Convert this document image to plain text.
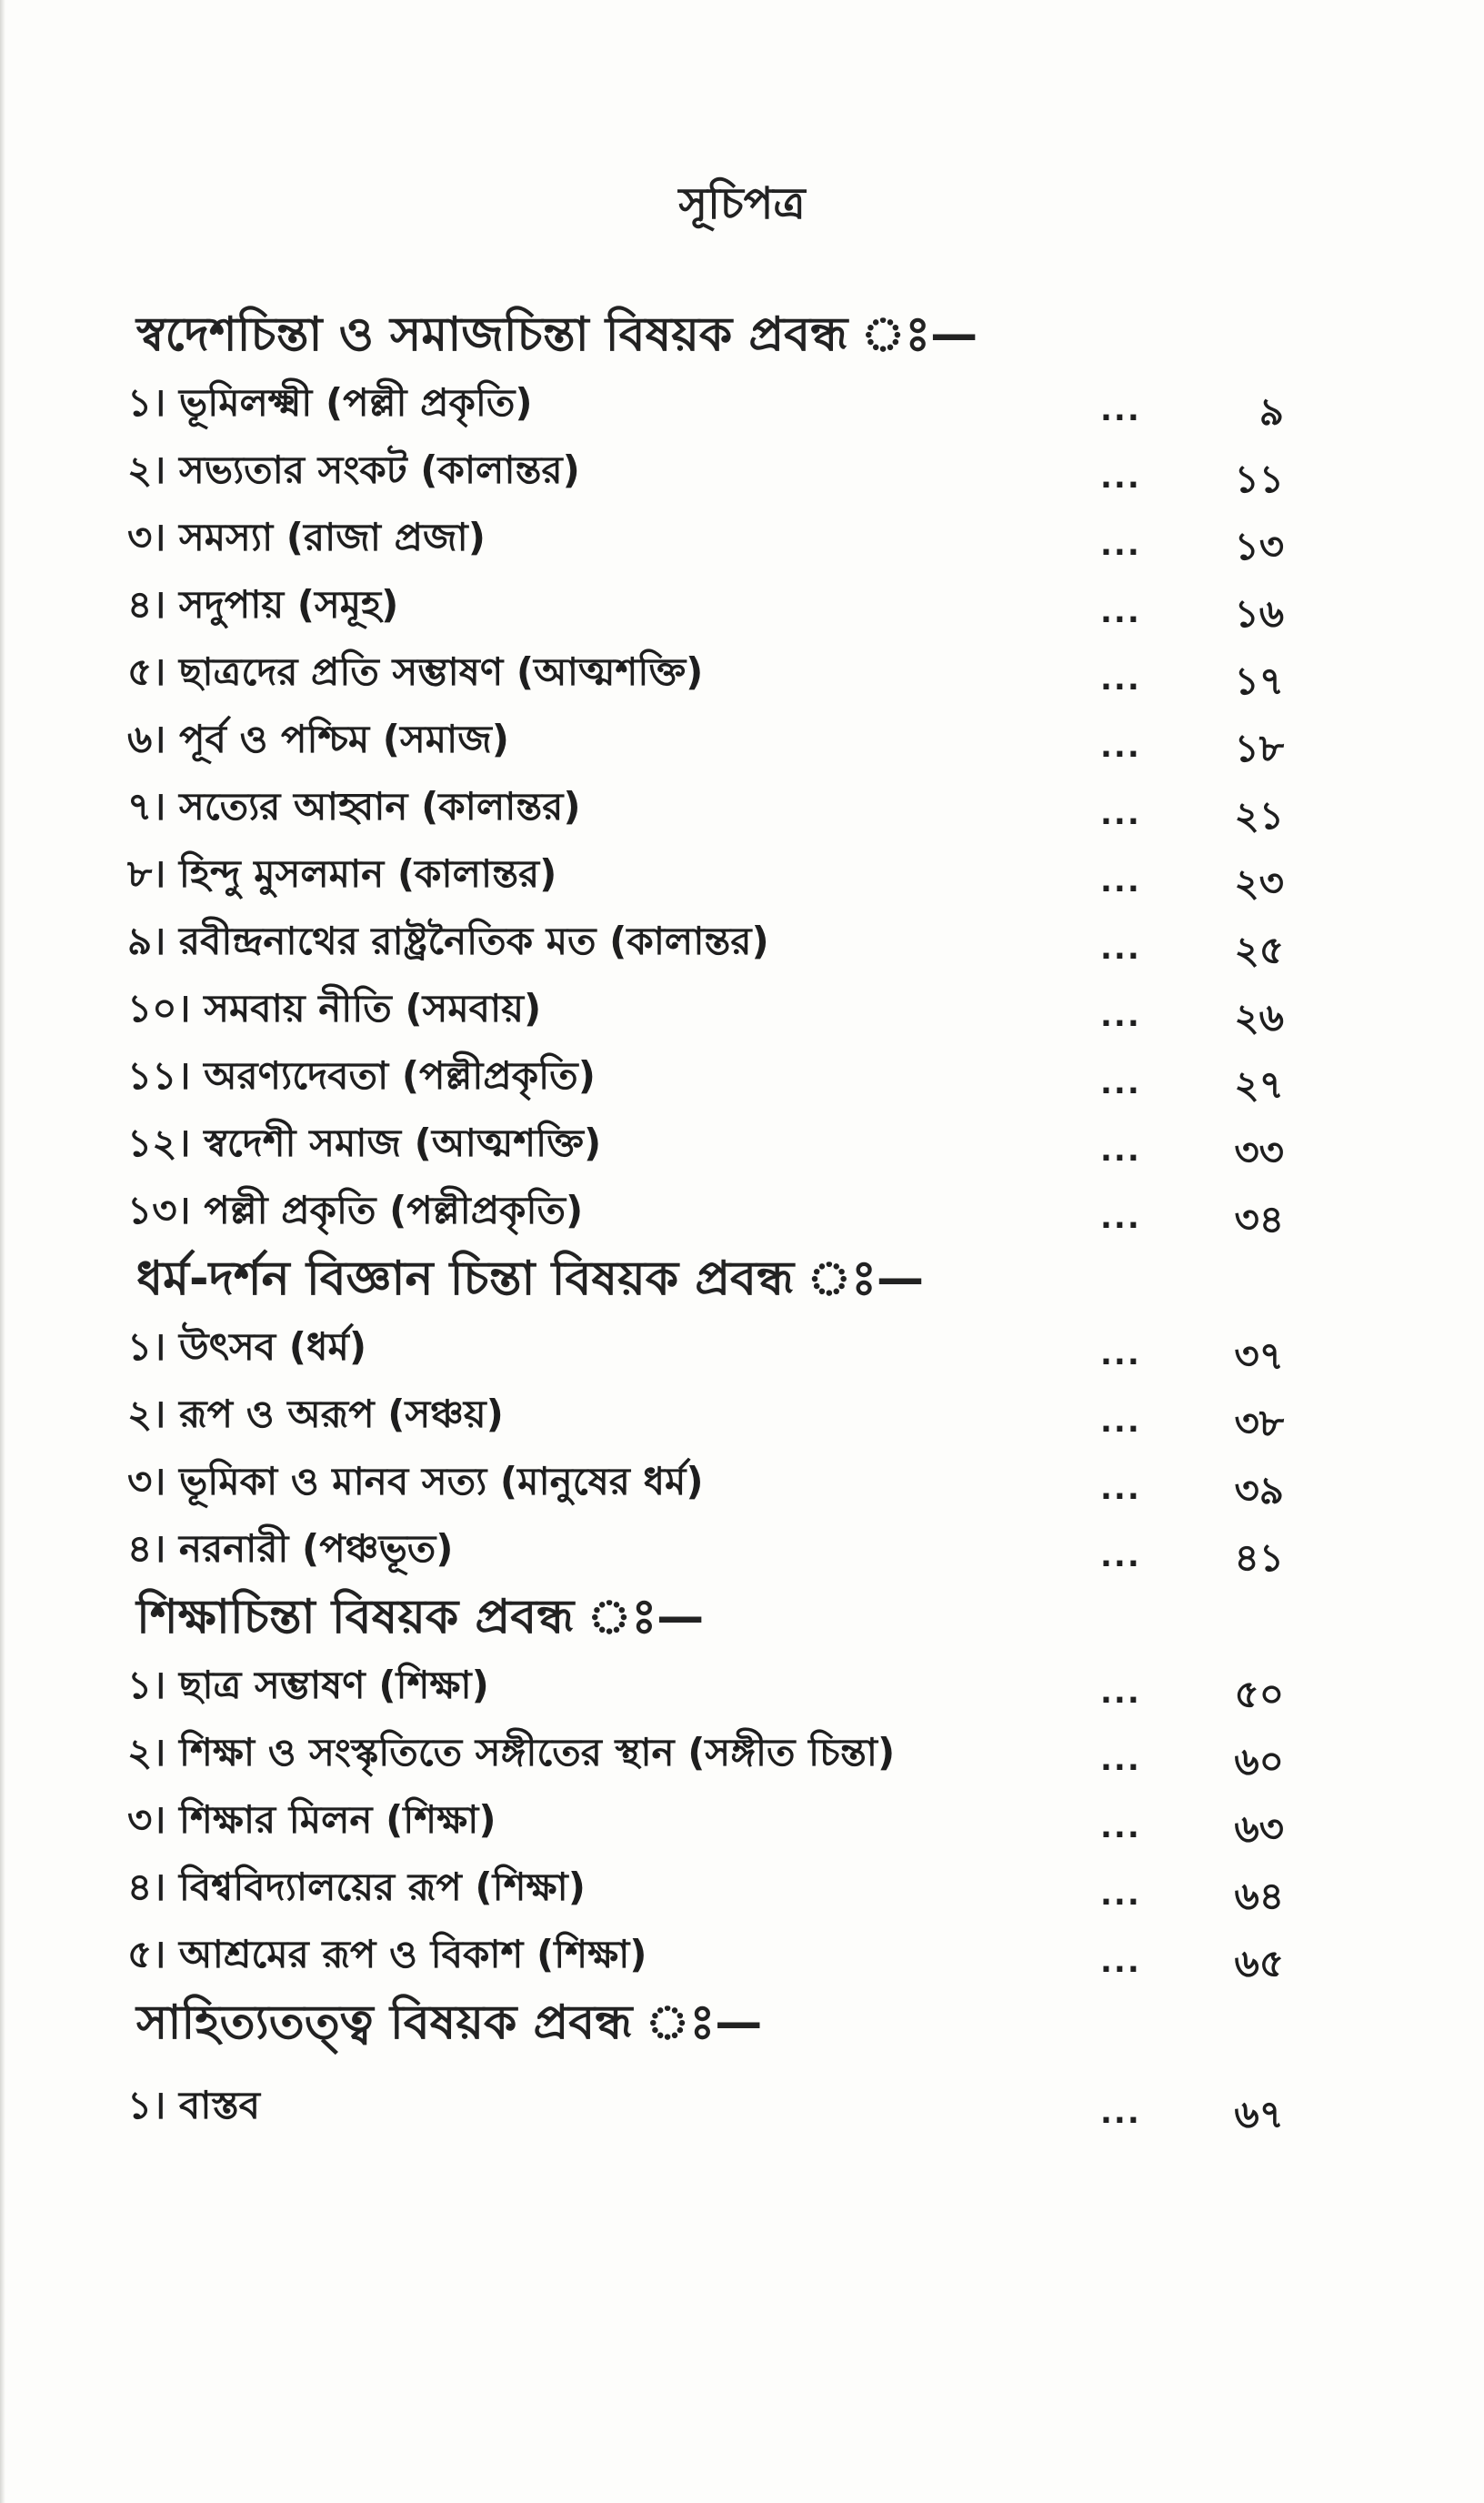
সূচিপত্র
স্বদেশচিন্তা ও সমাজচিন্তা বিষয়ক প্রবন্ধ ঃ—
১। ভূমিলক্ষ্মী (পল্লী প্রকৃতি)	...	৯
২। সভ্যতার সংকট (কালান্তর)	... ১১
৩। সমস্যা (রাজা প্রজা)	... ১৩
৪। সদুপায় (সমূহ)	... ১৬
৫। ছাত্রদের প্রতি সম্ভাষণ (আত্মশক্তি)	... ১৭
৬। পূর্ব ও পশ্চিম (সমাজ)	... ১৮
৭। সত্যের আহ্বান (কালান্তর)	... ২১
৮। হিন্দু মুসলমান (কালান্তর)	... ২৩
৯। রবীন্দ্রনাথের রাষ্ট্রনৈতিক মত (কালান্তর)	... ২৫
১০। সমবায় নীতি (সমবায়)	... ২৬
১১। অরণ্যদেবতা (পল্লীপ্রকৃতি)	... ২৭
১২। স্বদেশী সমাজ (আত্মশক্তি)	... ৩৩
১৩। পল্লী প্রকৃতি (পল্লীপ্রকৃতি)	... ৩৪
ধর্ম-দর্শন বিজ্ঞান চিন্তা বিষয়ক প্রবন্ধ ঃ—
১। উৎসব (ধর্ম)	... ৩৭
২। রূপ ও অরূপ (সঞ্চয়)	... ৩৮
৩। ভূমিকা ও মানব সত্য (মানুষের ধর্ম)	... ৩৯
৪। নরনারী (পঞ্চভূত)	... ৪১
শিক্ষাচিন্তা বিষয়ক প্রবন্ধ ঃ—
১। ছাত্র সম্ভাষণ (শিক্ষা)	... ৫০
২। শিক্ষা ও সংস্কৃতিতে সঙ্গীতের স্থান (সঙ্গীত চিন্তা)	... ৬০
৩। শিক্ষার মিলন (শিক্ষা)	... ৬৩
৪। বিশ্ববিদ্যালয়ের রূপ (শিক্ষা)	... ৬৪
৫। আশ্রমের রূপ ও বিকাশ (শিক্ষা)	... ৬৫
সাহিত্যতত্ত্ব বিষয়ক প্রবন্ধ ঃ—
১। বাস্তব	... ৬৭
